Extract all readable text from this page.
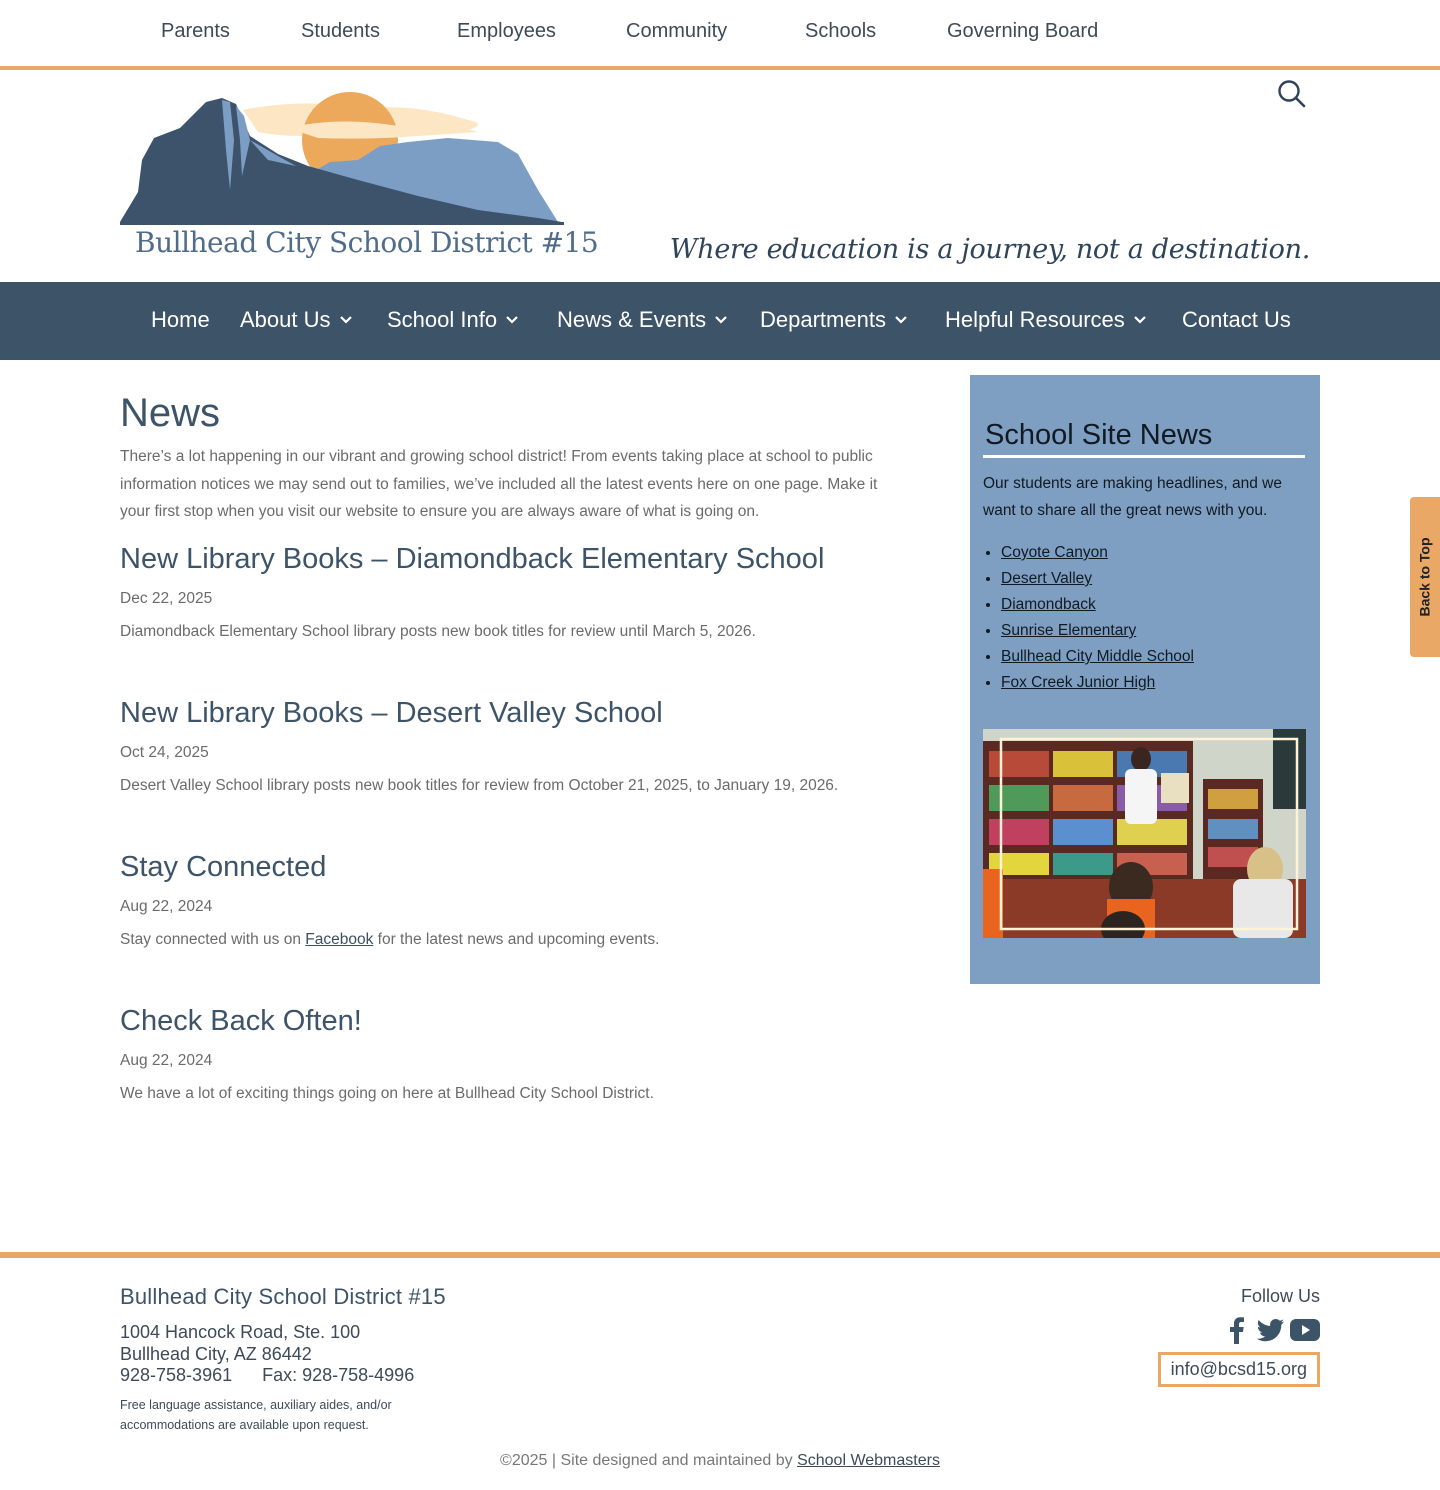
Parents	Students	Employees	Community	Schools	Governing Board
Bullhead City School District #15	Where education is a journey, not a destination.
Home About Us	School Info	News & Events Departments	Helpful Resources	Contact Us
News

There’s a lot happening in our vibrant and growing school district! From events taking place at school to public information notices we may send out to families, we’ve included all the latest events here on one page. Make it your first stop when you visit our website to ensure you are always aware of what is going on.

New Library Books – Diamondback Elementary School
Dec 22, 2025
Diamondback Elementary School library posts new book titles for review until March 5, 2026.
New Library Books – Desert Valley School
Oct 24, 2025
Desert Valley School library posts new book titles for review from October 21, 2025, to January 19, 2026.
Stay Connected
Aug 22, 2024
Stay connected with us on Facebook for the latest news and upcoming events.
Check Back Often!
Aug 22, 2024
We have a lot of exciting things going on here at Bullhead City School District.
School Site News

Our students are making headlines, and we want to share all the great news with you.

• Coyote Canyon
• Desert Valley
• Diamondback
• Sunrise Elementary
• Bullhead City Middle School
• Fox Creek Junior High
Back to Top
Bullhead City School District #15
1004 Hancock Road, Ste. 100
Bullhead City, AZ 86442
928-758-3961      Fax: 928-758-4996
Free language assistance, auxiliary aides, and/or
accommodations are available upon request.
Follow Us
info@bcsd15.org
©2025 | Site designed and maintained by School Webmasters
